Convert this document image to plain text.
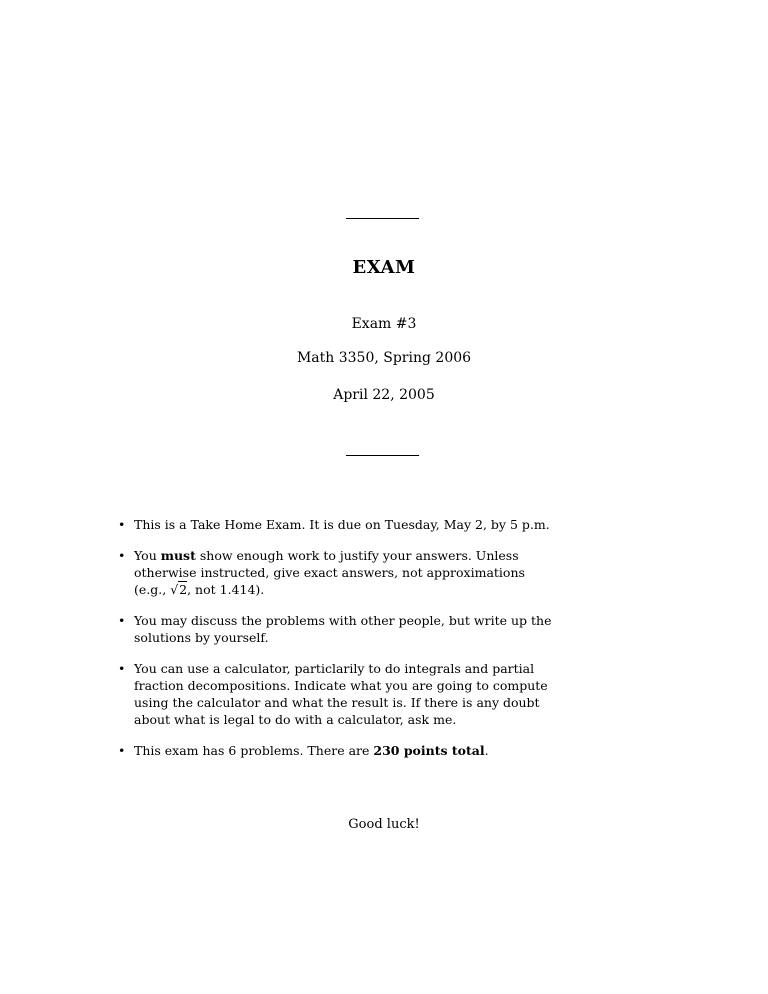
EXAM
Exam #3
Math 3350, Spring 2006
April 22, 2005
• This is a Take Home Exam. It is due on Tuesday, May 2, by 5 p.m.
• You must show enough work to justify your answers. Unless otherwise instructed, give exact answers, not approximations (e.g., √2, not 1.414).
• You may discuss the problems with other people, but write up the solutions by yourself.
• You can use a calculator, particlarily to do integrals and partial fraction decompositions. Indicate what you are going to compute using the calculator and what the result is. If there is any doubt about what is legal to do with a calculator, ask me.
• This exam has 6 problems. There are 230 points total.
Good luck!
